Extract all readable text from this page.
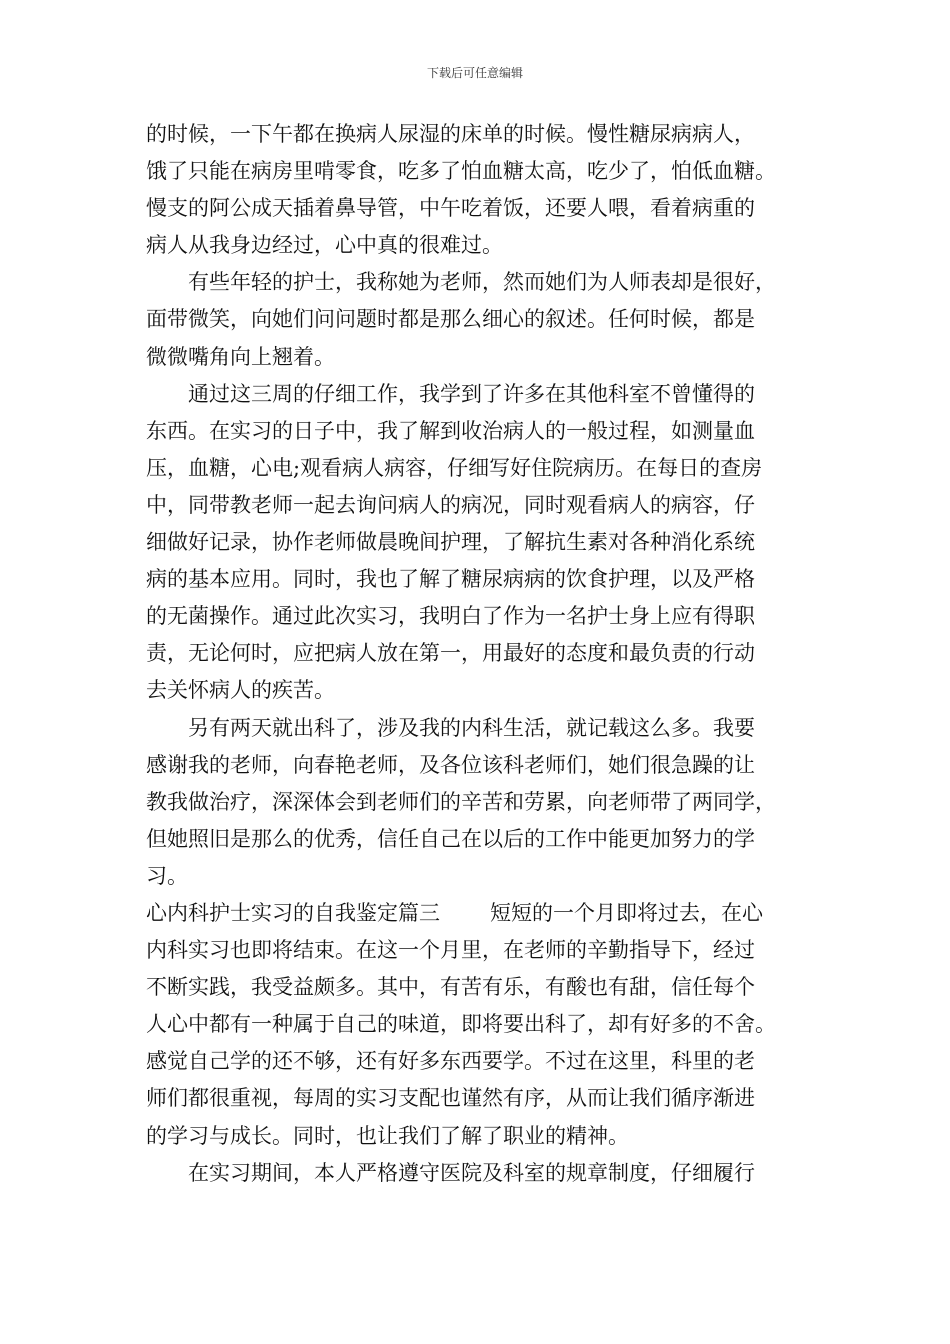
下载后可任意编辑
的时候，一下午都在换病人尿湿的床单的时候。慢性糖尿病病人，
饿了只能在病房里啃零食，吃多了怕血糖太高，吃少了，怕低血糖。
慢支的阿公成天插着鼻导管，中午吃着饭，还要人喂，看着病重的
病人从我身边经过，心中真的很难过。
有些年轻的护士，我称她为老师，然而她们为人师表却是很好，
面带微笑，向她们问问题时都是那么细心的叙述。任何时候，都是
微微嘴角向上翘着。
通过这三周的仔细工作，我学到了许多在其他科室不曾懂得的
东西。在实习的日子中，我了解到收治病人的一般过程，如测量血
压，血糖，心电;观看病人病容，仔细写好住院病历。在每日的查房
中，同带教老师一起去询问病人的病况，同时观看病人的病容，仔
细做好记录，协作老师做晨晚间护理，了解抗生素对各种消化系统
病的基本应用。同时，我也了解了糖尿病病的饮食护理，以及严格
的无菌操作。通过此次实习，我明白了作为一名护士身上应有得职
责，无论何时，应把病人放在第一，用最好的态度和最负责的行动
去关怀病人的疾苦。
另有两天就出科了，涉及我的内科生活，就记载这么多。我要
感谢我的老师，向春艳老师，及各位该科老师们，她们很急躁的让
教我做治疗，深深体会到老师们的辛苦和劳累，向老师带了两同学，
但她照旧是那么的优秀，信任自己在以后的工作中能更加努力的学
习。
心内科护士实习的自我鉴定篇三 短短的一个月即将过去，在心
内科实习也即将结束。在这一个月里，在老师的辛勤指导下，经过
不断实践，我受益颇多。其中，有苦有乐，有酸也有甜，信任每个
人心中都有一种属于自己的味道，即将要出科了，却有好多的不舍。
感觉自己学的还不够，还有好多东西要学。不过在这里，科里的老
师们都很重视，每周的实习支配也谨然有序，从而让我们循序渐进
的学习与成长。同时，也让我们了解了职业的精神。
在实习期间，本人严格遵守医院及科室的规章制度，仔细履行
